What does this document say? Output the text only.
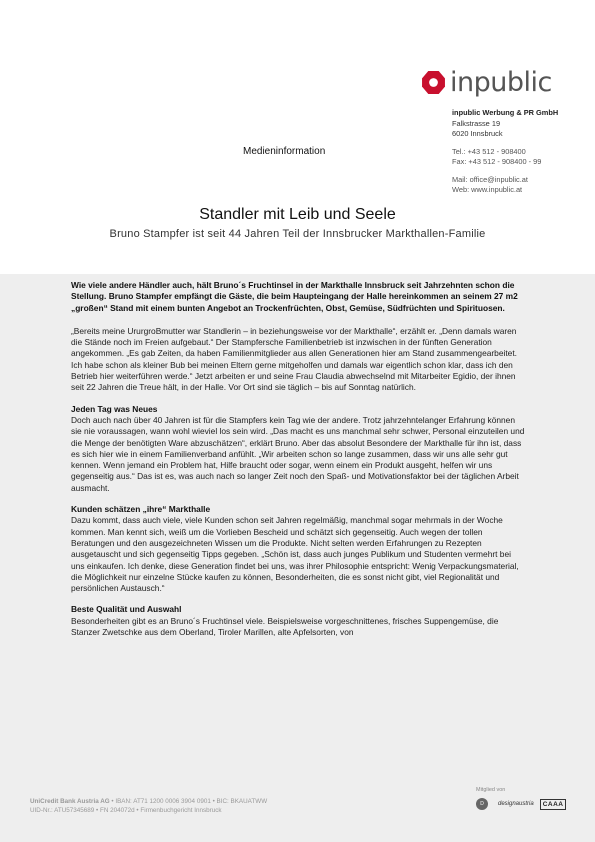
inpublic
inpublic Werbung & PR GmbH
Falkstrasse 19
6020 Innsbruck
Tel.: +43 512 - 908400
Fax: +43 512 - 908400 - 99
Mail: office@inpublic.at
Web: www.inpublic.at
Medieninformation
Standler mit Leib und Seele
Bruno Stampfer ist seit 44 Jahren Teil der Innsbrucker Markthallen-Familie
Wie viele andere Händler auch, hält Bruno´s Fruchtinsel in der Markthalle Innsbruck seit Jahrzehnten schon die Stellung. Bruno Stampfer empfängt die Gäste, die beim Haupteingang der Halle hereinkommen an seinem 27 m2 „großen“ Stand mit einem bunten Angebot an Trockenfrüchten, Obst, Gemüse, Südfrüchten und Spirituosen.

„Bereits meine UrurgroBmutter war Standlerin – in beziehungsweise vor der Markthalle“, erzählt er. „Denn damals waren die Stände noch im Freien aufgebaut.“ Der Stampfersche Familienbetrieb ist inzwischen in der fünften Generation angekommen. „Es gab Zeiten, da haben Familienmitglieder aus allen Generationen hier am Stand zusammengearbeitet. Ich habe schon als kleiner Bub bei meinen Eltern gerne mitgeholfen und damals war eigentlich schon klar, dass ich den Betrieb hier weiterführen werde.“ Jetzt arbeiten er und seine Frau Claudia abwechselnd mit Mitarbeiter Egidio, der ihnen seit 22 Jahren die Treue hält, in der Halle. Vor Ort sind sie täglich – bis auf Sonntag natürlich.

Jeden Tag was Neues

Doch auch nach über 40 Jahren ist für die Stampfers kein Tag wie der andere. Trotz jahrzehntelanger Erfahrung können sie nie voraussagen, wann wohl wieviel los sein wird. „Das macht es uns manchmal sehr schwer, Personal einzuteilen und die Menge der benötigten Ware abzuschätzen“, erklärt Bruno. Aber das absolut Besondere der Markthalle für ihn ist, dass es sich hier wie in einem Familienverband anfühlt. „Wir arbeiten schon so lange zusammen, dass wir uns alle sehr gut kennen. Wenn jemand ein Problem hat, Hilfe braucht oder sogar, wenn einem ein Produkt ausgeht, helfen wir uns gegenseitig aus.“ Das ist es, was auch nach so langer Zeit noch den Spaß- und Motivationsfaktor bei der täglichen Arbeit ausmacht.

Kunden schätzen „ihre“ Markthalle

Dazu kommt, dass auch viele, viele Kunden schon seit Jahren regelmäßig, manchmal sogar mehrmals in der Woche kommen. Man kennt sich, weiß um die Vorlieben Bescheid und schätzt sich gegenseitig. Auch wegen der tollen Beratungen und den ausgezeichneten Wissen um die Produkte. Nicht selten werden Erfahrungen zu Rezepten ausgetauscht und sich gegenseitig Tipps gegeben. „Schön ist, dass auch junges Publikum und Studenten vermehrt bei uns einkaufen. Ich denke, diese Generation findet bei uns, was ihrer Philosophie entspricht: Wenig Verpackungsmaterial, die Möglichkeit nur einzelne Stücke kaufen zu können, Besonderheiten, die es sonst nicht gibt, viel Regionalität und persönlichen Austausch.“

Beste Qualität und Auswahl

Besonderheiten gibt es an Bruno´s Fruchtinsel viele. Beispielsweise vorgeschnittenes, frisches Suppengemüse, die Stanzer Zwetschke aus dem Oberland, Tiroler Marillen, alte Apfelsorten, von

UniCredit Bank Austria AG • IBAN: AT71 1200 0006 3904 0901 • BIC: BKAUATWW
UID-Nr.: ATU57345689 • FN 204072d • Firmenbuchgericht Innsbruck
Mitglied von
D	designaustria	CAAA
